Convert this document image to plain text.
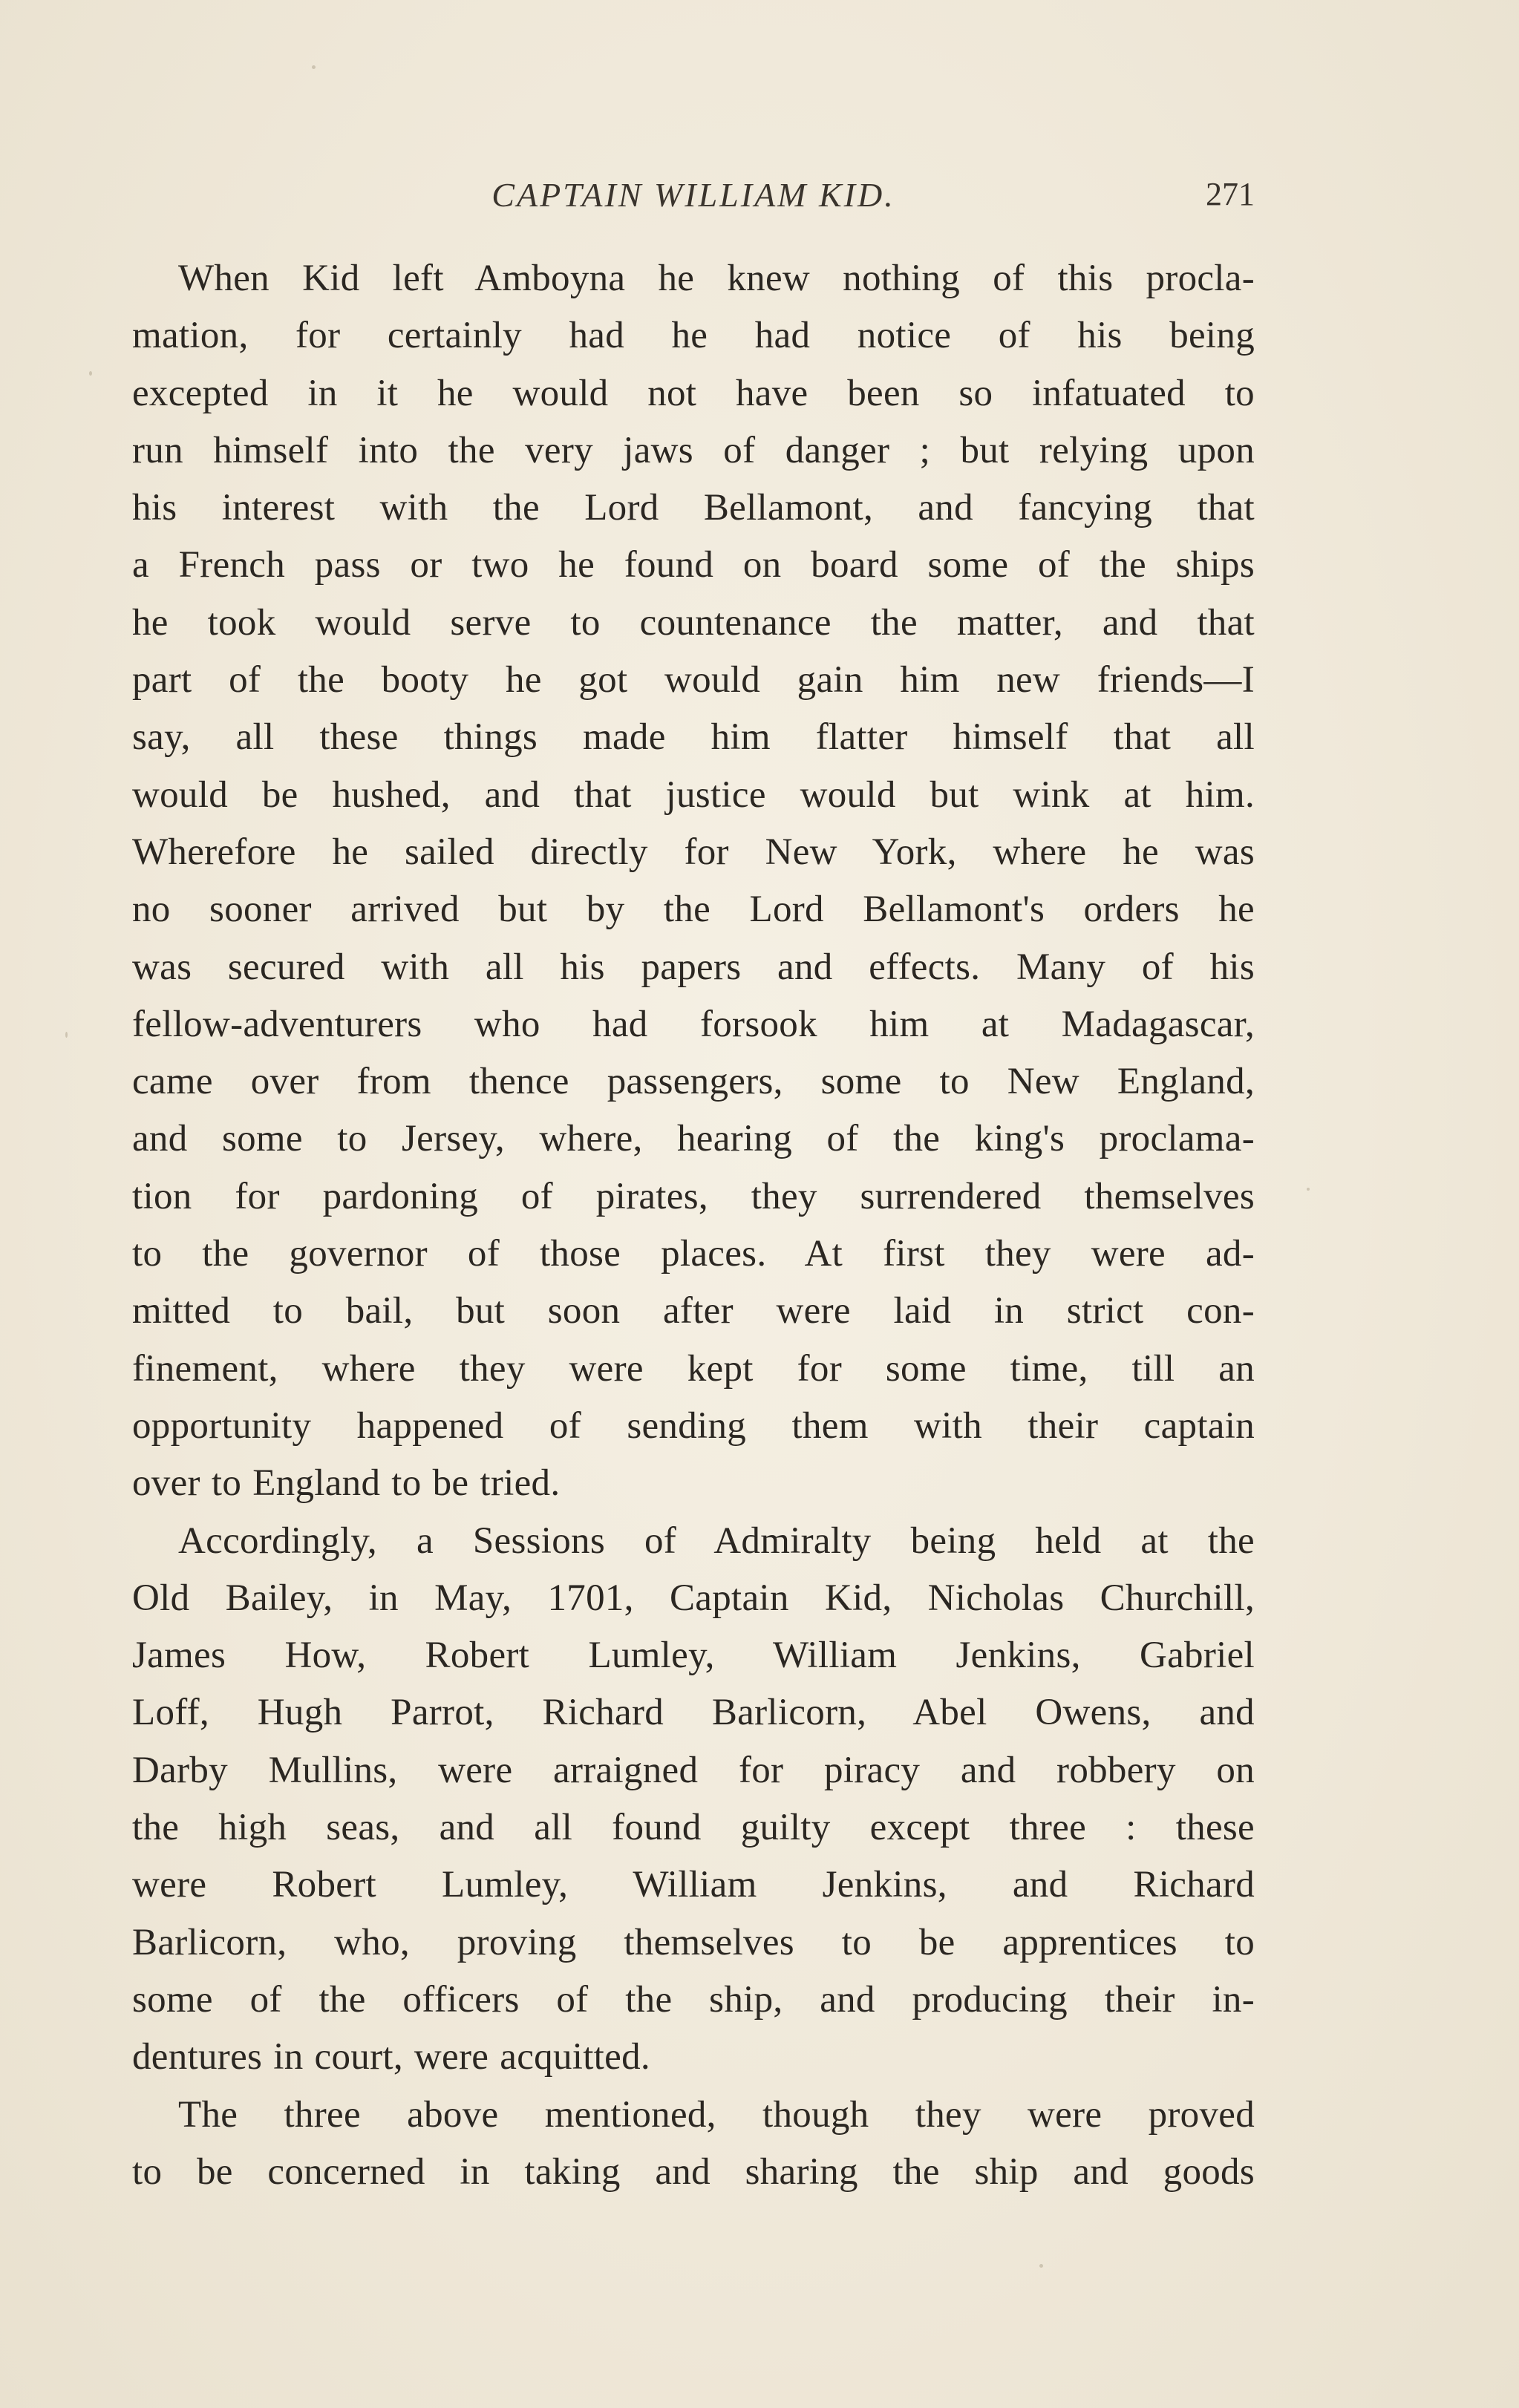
CAPTAIN WILLIAM KID.	271

When Kid left Amboyna he knew nothing of this procla-
mation, for certainly had he had notice of his being
excepted in it he would not have been so infatuated to
run himself into the very jaws of danger ; but relying upon
his interest with the Lord Bellamont, and fancying that
a French pass or two he found on board some of the ships
he took would serve to countenance the matter, and that
part of the booty he got would gain him new friends—I
say, all these things made him flatter himself that all
would be hushed, and that justice would but wink at him.
Wherefore he sailed directly for New York, where he was
no sooner arrived but by the Lord Bellamont's orders he
was secured with all his papers and effects. Many of his
fellow-adventurers who had forsook him at Madagascar,
came over from thence passengers, some to New England,
and some to Jersey, where, hearing of the king's proclama-
tion for pardoning of pirates, they surrendered themselves
to the governor of those places. At first they were ad-
mitted to bail, but soon after were laid in strict con-
finement, where they were kept for some time, till an
opportunity happened of sending them with their captain
over to England to be tried.

Accordingly, a Sessions of Admiralty being held at the
Old Bailey, in May, 1701, Captain Kid, Nicholas Churchill,
James How, Robert Lumley, William Jenkins, Gabriel
Loff, Hugh Parrot, Richard Barlicorn, Abel Owens, and
Darby Mullins, were arraigned for piracy and robbery on
the high seas, and all found guilty except three : these
were Robert Lumley, William Jenkins, and Richard
Barlicorn, who, proving themselves to be apprentices to
some of the officers of the ship, and producing their in-
dentures in court, were acquitted.

The three above mentioned, though they were proved
to be concerned in taking and sharing the ship and goods
